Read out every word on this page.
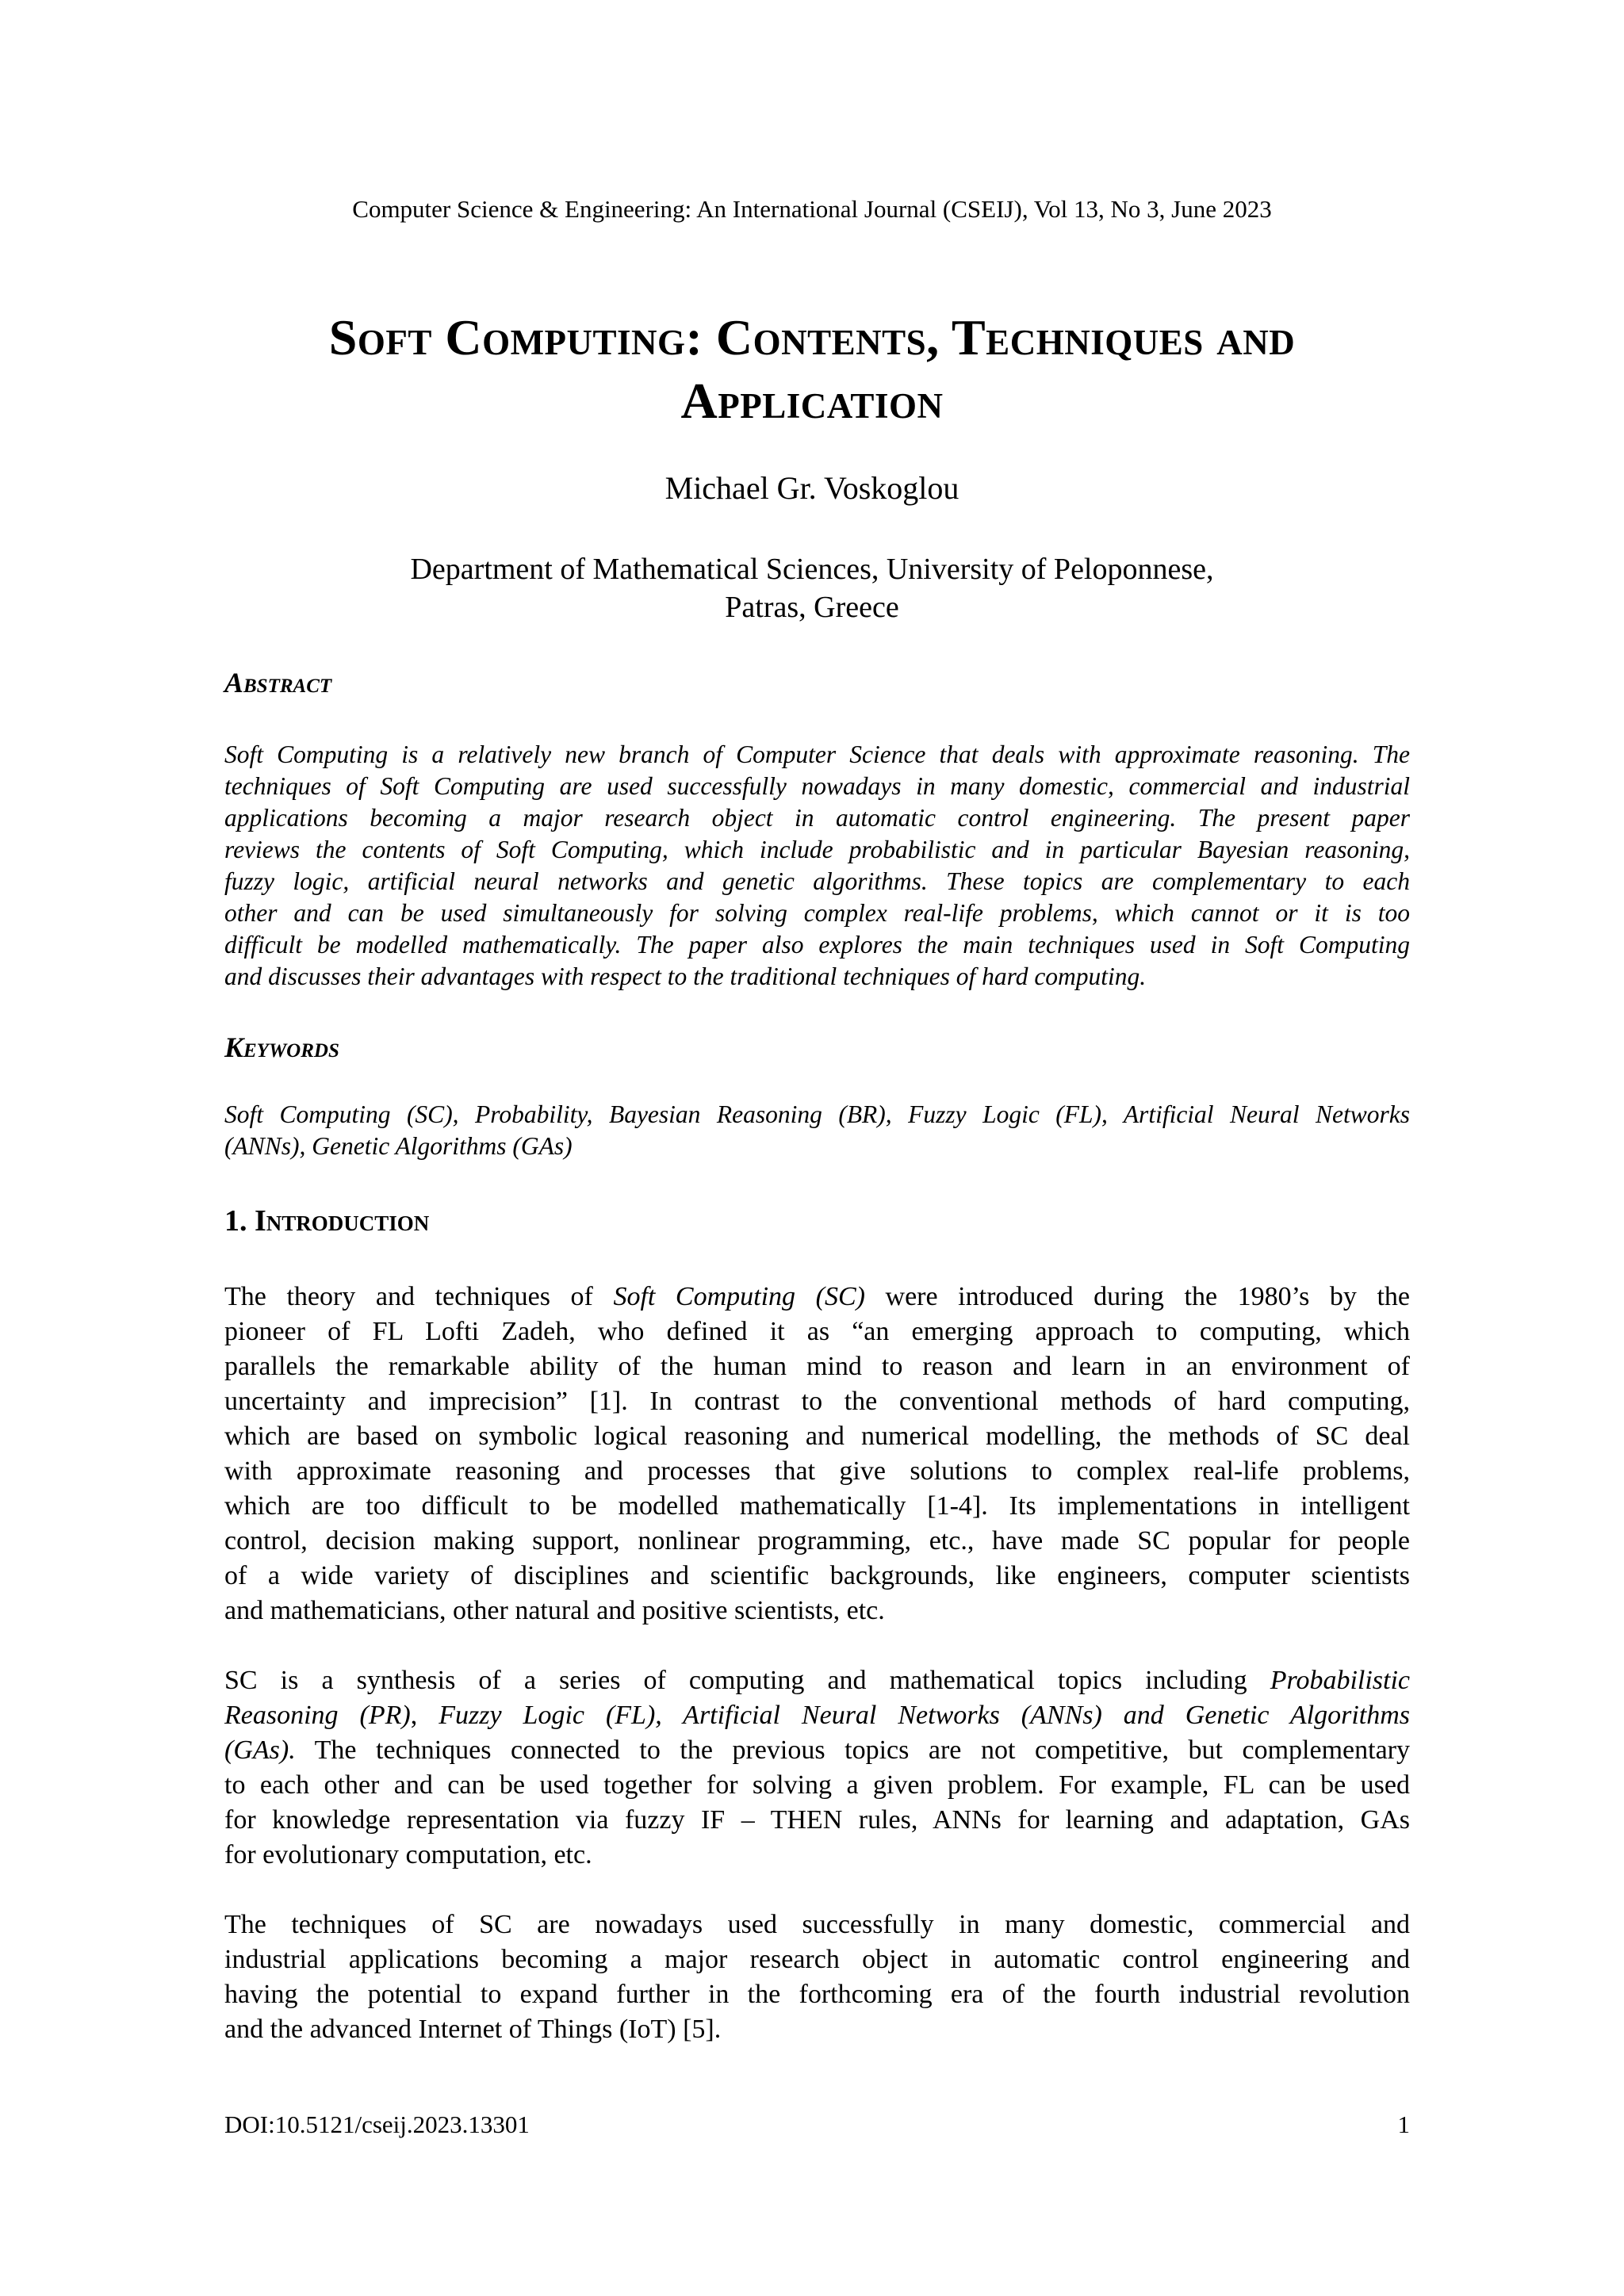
Computer Science & Engineering: An International Journal (CSEIJ), Vol 13, No 3, June 2023
Soft Computing: Contents, Techniques and
Application
Michael Gr. Voskoglou
Department of Mathematical Sciences, University of Peloponnese,
Patras, Greece
Abstract
Soft Computing is a relatively new branch of Computer Science that deals with approximate reasoning. The
techniques of Soft Computing are used successfully nowadays in many domestic, commercial and industrial
applications becoming a major research object in automatic control engineering. The present paper
reviews the contents of Soft Computing, which include probabilistic and in particular Bayesian reasoning,
fuzzy logic, artificial neural networks and genetic algorithms. These topics are complementary to each
other and can be used simultaneously for solving complex real-life problems, which cannot or it is too
difficult be modelled mathematically. The paper also explores the main techniques used in Soft Computing
and discusses their advantages with respect to the traditional techniques of hard computing.
Keywords
Soft Computing (SC), Probability, Bayesian Reasoning (BR), Fuzzy Logic (FL), Artificial Neural Networks
(ANNs), Genetic Algorithms (GAs)
1. Introduction
The theory and techniques of Soft Computing (SC) were introduced during the 1980’s by the
pioneer of FL Lofti Zadeh, who defined it as “an emerging approach to computing, which
parallels the remarkable ability of the human mind to reason and learn in an environment of
uncertainty and imprecision” [1]. In contrast to the conventional methods of hard computing,
which are based on symbolic logical reasoning and numerical modelling, the methods of SC deal
with approximate reasoning and processes that give solutions to complex real-life problems,
which are too difficult to be modelled mathematically [1-4]. Its implementations in intelligent
control, decision making support, nonlinear programming, etc., have made SC popular for people
of a wide variety of disciplines and scientific backgrounds, like engineers, computer scientists
and mathematicians, other natural and positive scientists, etc.
SC is a synthesis of a series of computing and mathematical topics including Probabilistic
Reasoning (PR), Fuzzy Logic (FL), Artificial Neural Networks (ANNs) and Genetic Algorithms
(GAs). The techniques connected to the previous topics are not competitive, but complementary
to each other and can be used together for solving a given problem. For example, FL can be used
for knowledge representation via fuzzy IF – THEN rules, ANNs for learning and adaptation, GAs
for evolutionary computation, etc.
The techniques of SC are nowadays used successfully in many domestic, commercial and
industrial applications becoming a major research object in automatic control engineering and
having the potential to expand further in the forthcoming era of the fourth industrial revolution
and the advanced Internet of Things (IoT) [5].
DOI:10.5121/cseij.2023.13301	1
